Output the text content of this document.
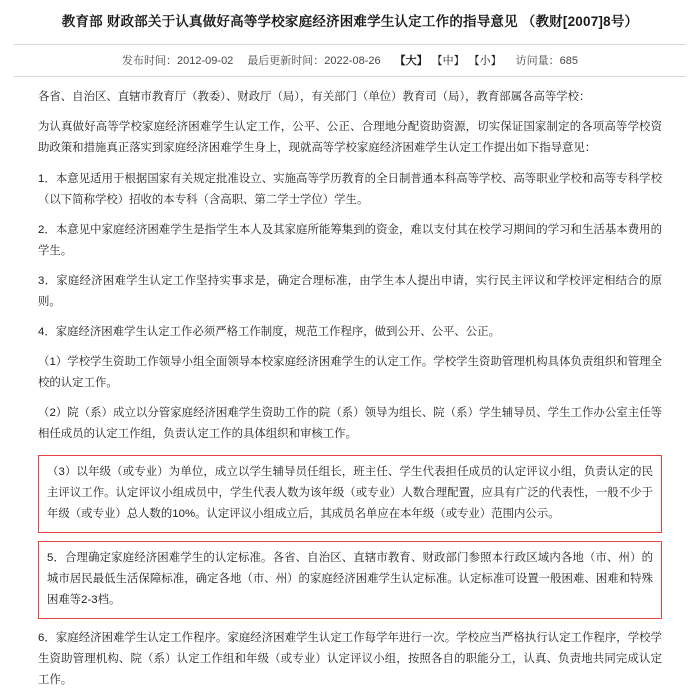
教育部 财政部关于认真做好高等学校家庭经济困难学生认定工作的指导意见 （教财[2007]8号）
发布时间：2012-09-02 最后更新时间：2022-08-26 【大】 【中】 【小】 访问量：685

各省、自治区、直辖市教育厅（教委）、财政厅（局），有关部门（单位）教育司（局），教育部属各高等学校：

为认真做好高等学校家庭经济困难学生认定工作，公平、公正、合理地分配资助资源，切实保证国家制定的各项高等学校资助政策和措施真正落实到家庭经济困难学生身上，现就高等学校家庭经济困难学生认定工作提出如下指导意见：

1．本意见适用于根据国家有关规定批准设立、实施高等学历教育的全日制普通本科高等学校、高等职业学校和高等专科学校（以下简称学校）招收的本专科（含高职、第二学士学位）学生。

2．本意见中家庭经济困难学生是指学生本人及其家庭所能筹集到的资金，难以支付其在校学习期间的学习和生活基本费用的学生。

3．家庭经济困难学生认定工作坚持实事求是，确定合理标准，由学生本人提出申请，实行民主评议和学校评定相结合的原则。

4．家庭经济困难学生认定工作必须严格工作制度，规范工作程序，做到公开、公平、公正。

（1）学校学生资助工作领导小组全面领导本校家庭经济困难学生的认定工作。学校学生资助管理机构具体负责组织和管理全校的认定工作。

（2）院（系）成立以分管家庭经济困难学生资助工作的院（系）领导为组长、院（系）学生辅导员、学生工作办公室主任等相任成员的认定工作组，负责认定工作的具体组织和审核工作。

（3）以年级（或专业）为单位，成立以学生辅导员任组长，班主任、学生代表担任成员的认定评议小组，负责认定的民主评议工作。认定评议小组成员中，学生代表人数为该年级（或专业）人数合理配置，应具有广泛的代表性，一般不少于年级（或专业）总人数的10%。认定评议小组成立后，其成员名单应在本年级（或专业）范围内公示。

5．合理确定家庭经济困难学生的认定标准。各省、自治区、直辖市教育、财政部门参照本行政区域内各地（市、州）的城市居民最低生活保障标准，确定各地（市、州）的家庭经济困难学生认定标准。认定标准可设置一般困难、困难和特殊困难等2-3档。

6．家庭经济困难学生认定工作程序。家庭经济困难学生认定工作每学年进行一次。学校应当严格执行认定工作程序，学校学生资助管理机构、院（系）认定工作组和年级（或专业）认定评议小组，按照各自的职能分工，认真、负责地共同完成认定工作。
